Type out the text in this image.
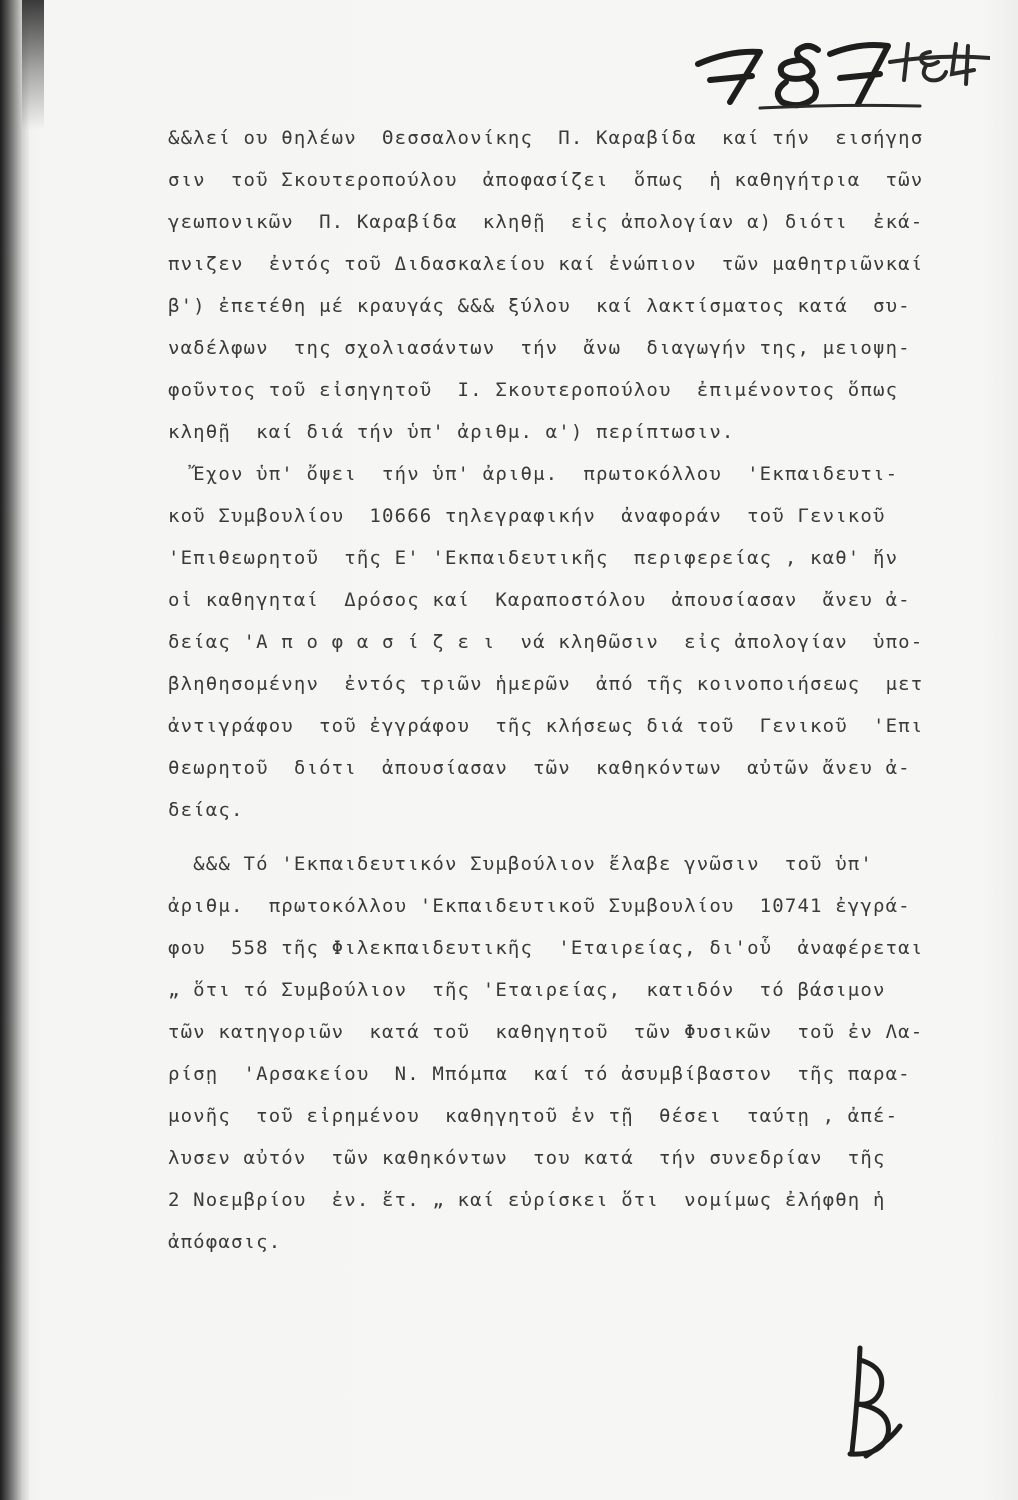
&&λεί ου θηλέων  Θεσσαλονίκης  Π. Καραβίδα  καί τήν  εισήγησ
σιν  τοῦ Σκουτεροπούλου  ἀποφασίζει  ὅπως  ἡ καθηγήτρια  τῶν
γεωπονικῶν  Π. Καραβίδα  κληθῇ  εἰς ἀπολογίαν α) διότι  ἐκά-
πνιζεν  ἐντός τοῦ Διδασκαλείου καί ἐνώπιον  τῶν μαθητριῶνκαί
β') ἐπετέθη μέ κραυγάς &&& ξύλου  καί λακτίσματος κατά  συ-
ναδέλφων  της σχολιασάντων  τήν  ἄνω  διαγωγήν της, μειοψη-
φοῦντος τοῦ εἰσηγητοῦ  Ι. Σκουτεροπούλου  ἐπιμένοντος ὅπως
κληθῇ  καί διά τήν ὑπ' ἀριθμ. α') περίπτωσιν.
Ἔχον ὑπ' ὄψει  τήν ὑπ' ἀριθμ.  πρωτοκόλλου  'Εκπαιδευτι-
κοῦ Συμβουλίου  10666 τηλεγραφικήν  ἀναφοράν  τοῦ Γενικοῦ
'Επιθεωρητοῦ  τῆς Ε' 'Εκπαιδευτικῆς  περιφερείας , καθ' ἥν
οἱ καθηγηταί  Δρόσος καί  Καραποστόλου  ἀπουσίασαν  ἄνευ ἀ-
δείας 'Α π ο φ α σ ί ζ ε ι  νά κληθῶσιν  εἰς ἀπολογίαν  ὑπο-
βληθησομένην  ἐντός τριῶν ἡμερῶν  ἀπό τῆς κοινοποιήσεως  μετ
ἀντιγράφου  τοῦ ἐγγράφου  τῆς κλήσεως διά τοῦ  Γενικοῦ  'Επι
θεωρητοῦ  διότι  ἀπουσίασαν  τῶν  καθηκόντων  αὐτῶν ἄνευ ἀ-
δείας.
&&& Τό 'Εκπαιδευτικόν Συμβούλιον ἔλαβε γνῶσιν  τοῦ ὑπ'
ἀριθμ.  πρωτοκόλλου 'Εκπαιδευτικοῦ Συμβουλίου  10741 ἐγγρά-
φου  558 τῆς Φιλεκπαιδευτικῆς  'Εταιρείας, δι'οὗ  ἀναφέρεται
„ ὅτι τό Συμβούλιον  τῆς 'Εταιρείας,  κατιδόν  τό βάσιμον
τῶν κατηγοριῶν  κατά τοῦ  καθηγητοῦ  τῶν Φυσικῶν  τοῦ ἐν Λα-
ρίσῃ  'Αρσακείου  Ν. Μπόμπα  καί τό ἀσυμβίβαστον  τῆς παρα-
μονῆς  τοῦ εἰρημένου  καθηγητοῦ ἐν τῇ  θέσει  ταύτῃ , ἀπέ-
λυσεν αὐτόν  τῶν καθηκόντων  του κατά  τήν συνεδρίαν  τῆς
2 Νοεμβρίου  ἐν. ἔτ. „ καί εὑρίσκει ὅτι  νομίμως ἐλήφθη ἡ
ἀπόφασις.
